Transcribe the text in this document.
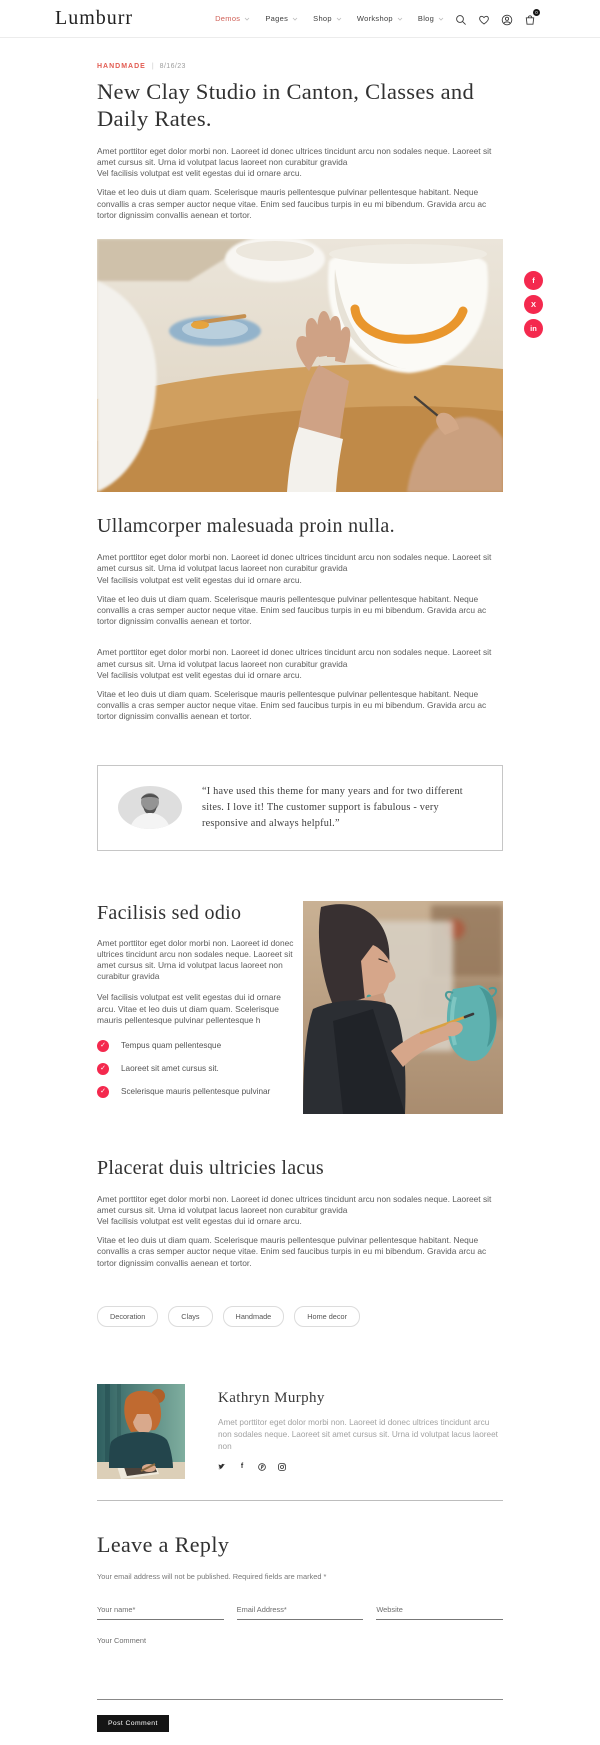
Lumburr	Demos	Pages	Shop	Workshop	Blog
0
f
X
in
HANDMADE | 8/16/23
New Clay Studio in Canton, Classes and Daily Rates.

Amet porttitor eget dolor morbi non. Laoreet id donec ultrices tincidunt arcu non sodales neque. Laoreet sit amet cursus sit. Urna id volutpat lacus laoreet non curabitur gravida
Vel facilisis volutpat est velit egestas dui id ornare arcu.

Vitae et leo duis ut diam quam. Scelerisque mauris pellentesque pulvinar pellentesque habitant. Neque convallis a cras semper auctor neque vitae. Enim sed faucibus turpis in eu mi bibendum. Gravida arcu ac tortor dignissim convallis aenean et tortor.

Ullamcorper malesuada proin nulla.

Amet porttitor eget dolor morbi non. Laoreet id donec ultrices tincidunt arcu non sodales neque. Laoreet sit amet cursus sit. Urna id volutpat lacus laoreet non curabitur gravida
Vel facilisis volutpat est velit egestas dui id ornare arcu.

Vitae et leo duis ut diam quam. Scelerisque mauris pellentesque pulvinar pellentesque habitant. Neque convallis a cras semper auctor neque vitae. Enim sed faucibus turpis in eu mi bibendum. Gravida arcu ac tortor dignissim convallis aenean et tortor.

Amet porttitor eget dolor morbi non. Laoreet id donec ultrices tincidunt arcu non sodales neque. Laoreet sit amet cursus sit. Urna id volutpat lacus laoreet non curabitur gravida
Vel facilisis volutpat est velit egestas dui id ornare arcu.

Vitae et leo duis ut diam quam. Scelerisque mauris pellentesque pulvinar pellentesque habitant. Neque convallis a cras semper auctor neque vitae. Enim sed faucibus turpis in eu mi bibendum. Gravida arcu ac tortor dignissim convallis aenean et tortor.

“I have used this theme for many years and for two different sites. I love it! The customer support is fabulous - very responsive and always helpful.”
Facilisis sed odio

Amet porttitor eget dolor morbi non. Laoreet id donec ultrices tincidunt arcu non sodales neque. Laoreet sit amet cursus sit. Urna id volutpat lacus laoreet non curabitur gravida

Vel facilisis volutpat est velit egestas dui id ornare arcu. Vitae et leo duis ut diam quam. Scelerisque mauris pellentesque pulvinar pellentesque h

✓	Tempus quam pellentesque
✓	Laoreet sit amet cursus sit.
✓	Scelerisque mauris pellentesque pulvinar
Placerat duis ultricies lacus

Amet porttitor eget dolor morbi non. Laoreet id donec ultrices tincidunt arcu non sodales neque. Laoreet sit amet cursus sit. Urna id volutpat lacus laoreet non curabitur gravida
Vel facilisis volutpat est velit egestas dui id ornare arcu.

Vitae et leo duis ut diam quam. Scelerisque mauris pellentesque pulvinar pellentesque habitant. Neque convallis a cras semper auctor neque vitae. Enim sed faucibus turpis in eu mi bibendum. Gravida arcu ac tortor dignissim convallis aenean et tortor.

Decoration	Clays	Handmade	Home decor
Kathryn Murphy

Amet porttitor eget dolor morbi non. Laoreet id donec ultrices tincidunt arcu non sodales neque. Laoreet sit amet cursus sit. Urna id volutpat lacus laoreet non

f
Leave a Reply

Your email address will not be published. Required fields are marked *

Your name*
Email Address*
Website
Your Comment Post Comment
